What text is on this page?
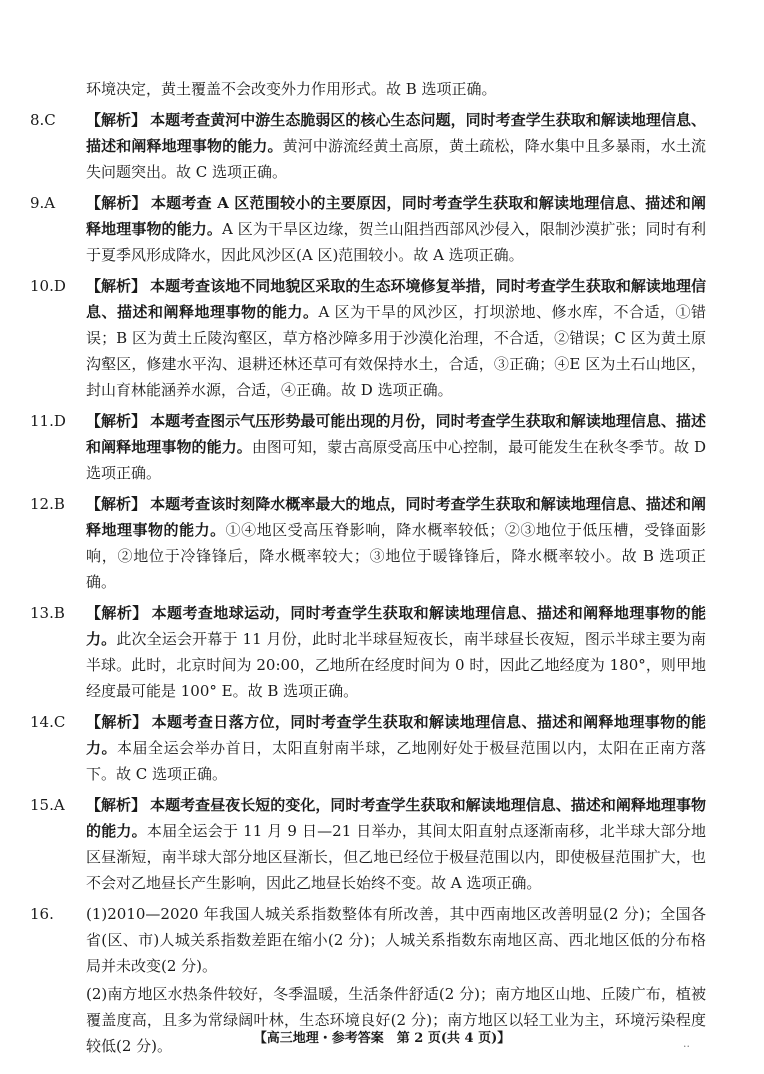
环境决定，黄土覆盖不会改变外力作用形式。故 B 选项正确。

8.C 【解析】 本题考查黄河中游生态脆弱区的核心生态问题，同时考查学生获取和解读地理信息、描述和阐释地理事物的能力。黄河中游流经黄土高原，黄土疏松，降水集中且多暴雨，水土流失问题突出。故 C 选项正确。
9.A 【解析】 本题考查 A 区范围较小的主要原因，同时考查学生获取和解读地理信息、描述和阐释地理事物的能力。A 区为干旱区边缘，贺兰山阻挡西部风沙侵入，限制沙漠扩张；同时有利于夏季风形成降水，因此风沙区(A 区)范围较小。故 A 选项正确。
10.D 【解析】 本题考查该地不同地貌区采取的生态环境修复举措，同时考查学生获取和解读地理信息、描述和阐释地理事物的能力。A 区为干旱的风沙区，打坝淤地、修水库，不合适，①错误；B 区为黄土丘陵沟壑区，草方格沙障多用于沙漠化治理，不合适，②错误；C 区为黄土原沟壑区，修建水平沟、退耕还林还草可有效保持水土，合适，③正确；④E 区为土石山地区，封山育林能涵养水源，合适，④正确。故 D 选项正确。
11.D 【解析】 本题考查图示气压形势最可能出现的月份，同时考查学生获取和解读地理信息、描述和阐释地理事物的能力。由图可知，蒙古高原受高压中心控制，最可能发生在秋冬季节。故 D 选项正确。
12.B 【解析】 本题考查该时刻降水概率最大的地点，同时考查学生获取和解读地理信息、描述和阐释地理事物的能力。①④地区受高压脊影响，降水概率较低；②③地位于低压槽，受锋面影响，②地位于冷锋锋后，降水概率较大；③地位于暖锋锋后，降水概率较小。故 B 选项正确。
13.B 【解析】 本题考查地球运动，同时考查学生获取和解读地理信息、描述和阐释地理事物的能力。此次全运会开幕于 11 月份，此时北半球昼短夜长，南半球昼长夜短，图示半球主要为南半球。此时，北京时间为 20:00，乙地所在经度时间为 0 时，因此乙地经度为 180°，则甲地经度最可能是 100° E。故 B 选项正确。
14.C 【解析】 本题考查日落方位，同时考查学生获取和解读地理信息、描述和阐释地理事物的能力。本届全运会举办首日，太阳直射南半球，乙地刚好处于极昼范围以内，太阳在正南方落下。故 C 选项正确。
15.A 【解析】 本题考查昼夜长短的变化，同时考查学生获取和解读地理信息、描述和阐释地理事物的能力。本届全运会于 11 月 9 日—21 日举办，其间太阳直射点逐渐南移，北半球大部分地区昼渐短，南半球大部分地区昼渐长，但乙地已经位于极昼范围以内，即使极昼范围扩大，也不会对乙地昼长产生影响，因此乙地昼长始终不变。故 A 选项正确。
16. (1)2010—2020 年我国人城关系指数整体有所改善，其中西南地区改善明显(2 分)；全国各省(区、市)人城关系指数差距在缩小(2 分)；人城关系指数东南地区高、西北地区低的分布格局并未改变(2 分)。
(2)南方地区水热条件较好，冬季温暖，生活条件舒适(2 分)；南方地区山地、丘陵广布，植被覆盖度高，且多为常绿阔叶林，生态环境良好(2 分)；南方地区以轻工业为主，环境污染程度较低(2 分)。	【高三地理・参考答案　第 2 页(共 4 页)】
··
